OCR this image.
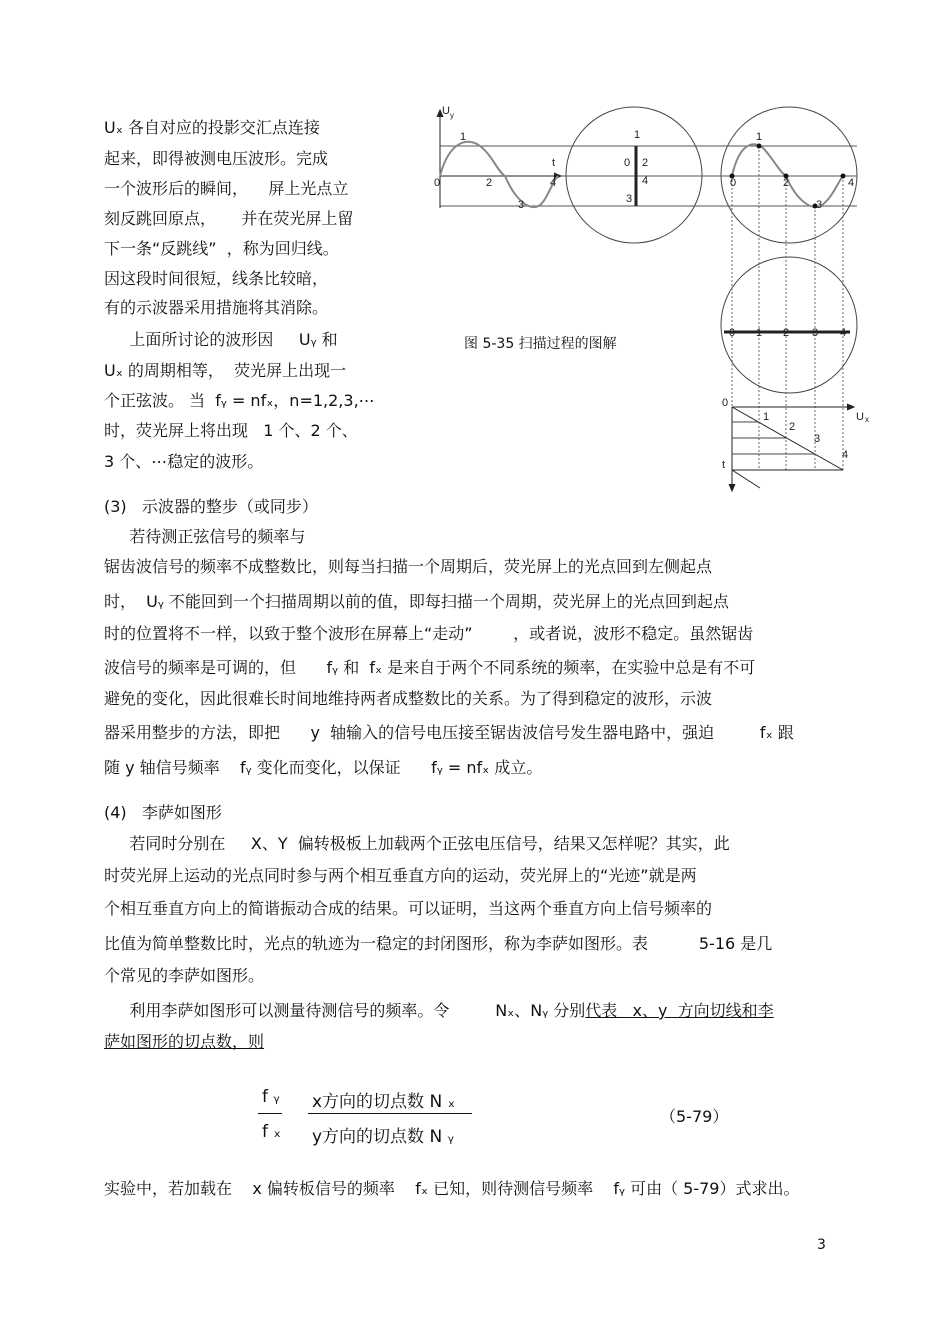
Uₓ 各自对应的投影交汇点连接
起来，即得被测电压波形。完成
一个波形后的瞬间，    屏上光点立
刻反跳回原点，     并在荧光屏上留
下一条“反跳线”  ，称为回归线。
因这段时间很短，线条比较暗，
有的示波器采用措施将其消除。
上面所讨论的波形因     Uᵧ 和
Uₓ 的周期相等，  荧光屏上出现一
个正弦波。 当  fᵧ = nfₓ，n=1,2,3,⋯
时，荧光屏上将出现   1 个、2 个、
3 个、⋯稳定的波形。
U y
1
0	2
3
4
t
1
0 2
4
3
1
0	2
3
4
0 1 2 3 4
0
1
2
3
4
U x
t
图 5-35 扫描过程的图解
(3)   示波器的整步（或同步）
若待测正弦信号的频率与
锯齿波信号的频率不成整数比，则每当扫描一个周期后，荧光屏上的光点回到左侧起点
时，  Uᵧ 不能回到一个扫描周期以前的值，即每扫描一个周期，荧光屏上的光点回到起点
时的位置将不一样，以致于整个波形在屏幕上“走动”        ，或者说，波形不稳定。虽然锯齿
波信号的频率是可调的，但      fᵧ 和  fₓ 是来自于两个不同系统的频率，在实验中总是有不可
避免的变化，因此很难长时间地维持两者成整数比的关系。为了得到稳定的波形，示波
器采用整步的方法，即把      y  轴输入的信号电压接至锯齿波信号发生器电路中，强迫         fₓ 跟
随 y 轴信号频率    fᵧ 变化而变化，以保证      fᵧ = nfₓ 成立。
(4)   李萨如图形
若同时分别在     X、Y  偏转极板上加载两个正弦电压信号，结果又怎样呢？其实，此
时荧光屏上运动的光点同时参与两个相互垂直方向的运动，荧光屏上的“光迹”就是两
个相互垂直方向上的简谐振动合成的结果。可以证明，当这两个垂直方向上信号频率的
比值为简单整数比时，光点的轨迹为一稳定的封闭图形，称为李萨如图形。表          5-16 是几
个常见的李萨如图形。
利用李萨如图形可以测量待测信号的频率。令         Nₓ、Nᵧ 分别代表   x、y  方向切线和李
萨如图形的切点数，则
f ᵧ
f ₓ
x方向的切点数 N ₓ
y方向的切点数 N ᵧ
（5-79）
实验中，若加载在    x 偏转板信号的频率    fₓ 已知，则待测信号频率    fᵧ 可由（ 5-79）式求出。
3
